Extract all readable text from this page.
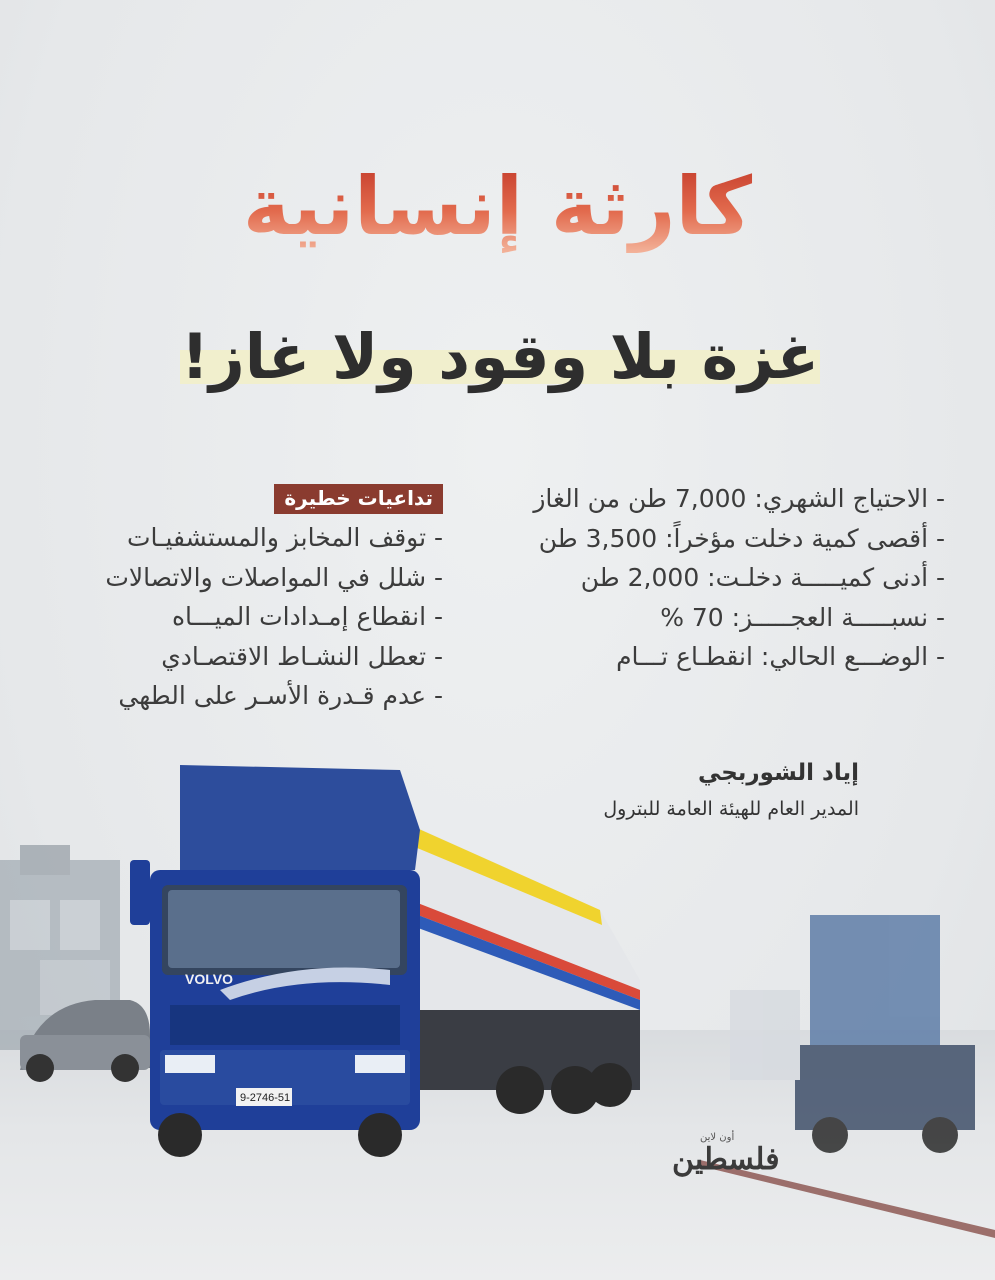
كارثة إنسانية
غزة بلا وقود ولا غاز!
- الاحتياج الشهري: 7,000 طن من الغاز
- أقصى كمية دخلت مؤخراً: 3,500 طن
- أدنى كميـــــة دخلـت: 2,000 طن
- نسبـــــة العجـــــز: 70 %
- الوضـــع الحالي: انقطـاع تـــام
تداعيات خطيرة
- توقف المخابز والمستشفيـات
- شلل في المواصلات والاتصالات
- انقطاع إمـدادات الميـــاه
- تعطل النشـاط الاقتصـادي
- عدم قـدرة الأسـر على الطهي
إياد الشوربجي
المدير العام للهيئة العامة للبترول
VOLVO
9-2746-51
أون لاين
فلسطين
